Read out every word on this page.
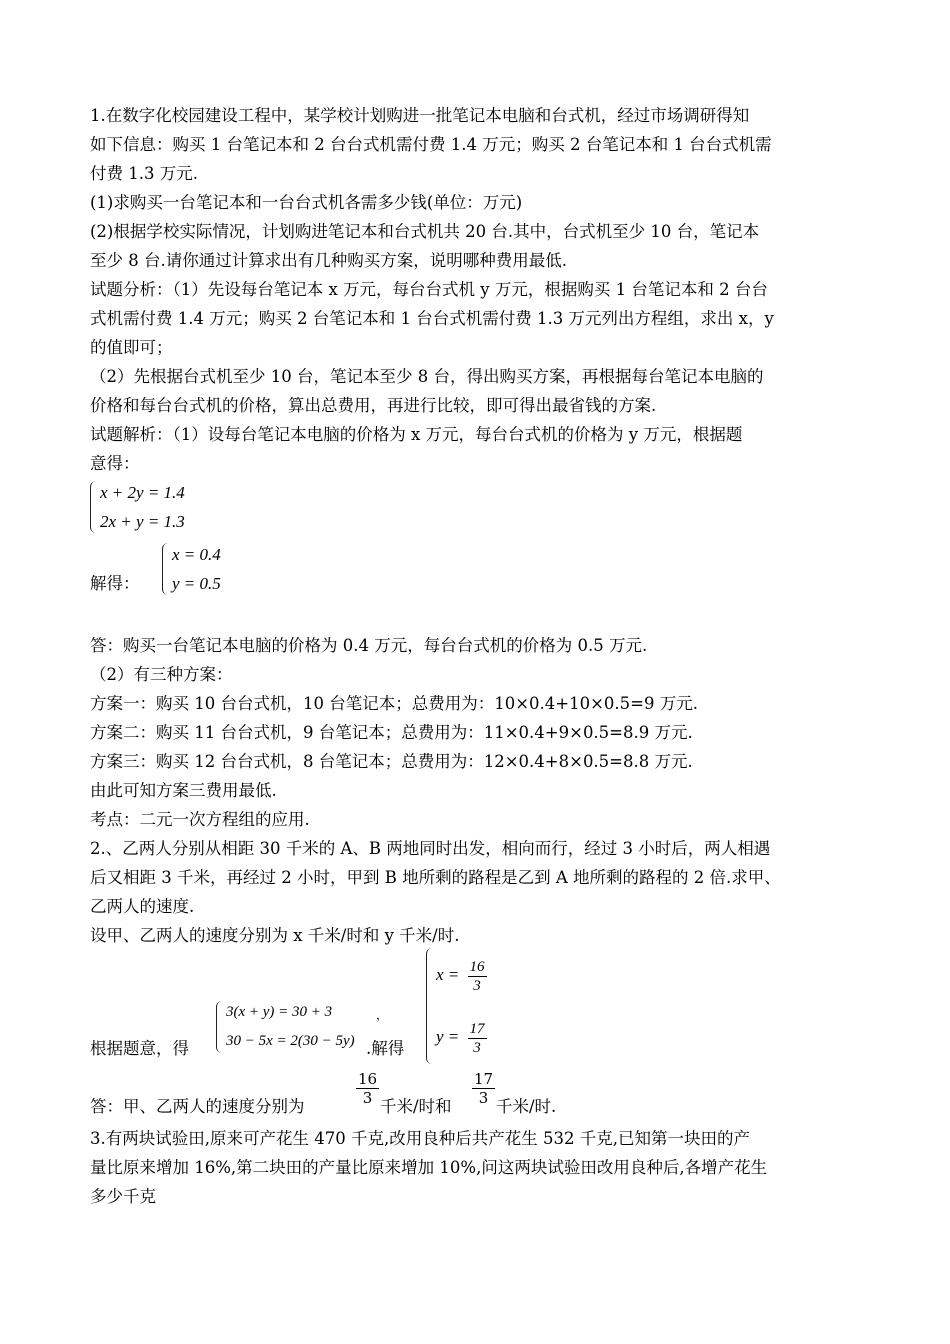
1.在数字化校园建设工程中，某学校计划购进一批笔记本电脑和台式机，经过市场调研得知
如下信息：购买 1 台笔记本和 2 台台式机需付费 1.4 万元；购买 2 台笔记本和 1 台台式机需
付费 1.3 万元.
(1)求购买一台笔记本和一台台式机各需多少钱(单位：万元)
(2)根据学校实际情况，计划购进笔记本和台式机共 20 台.其中，台式机至少 10 台，笔记本
至少 8 台.请你通过计算求出有几种购买方案，说明哪种费用最低.
试题分析：（1）先设每台笔记本 x 万元，每台台式机 y 万元，根据购买 1 台笔记本和 2 台台
式机需付费 1.4 万元；购买 2 台笔记本和 1 台台式机需付费 1.3 万元列出方程组，求出 x，y
的值即可；
（2）先根据台式机至少 10 台，笔记本至少 8 台，得出购买方案，再根据每台笔记本电脑的
价格和每台台式机的价格，算出总费用，再进行比较，即可得出最省钱的方案.
试题解析：（1）设每台笔记本电脑的价格为 x 万元，每台台式机的价格为 y 万元，根据题
意得：
x + 2y = 1.4
2x + y = 1.3
解得：
x = 0.4
y = 0.5
答：购买一台笔记本电脑的价格为 0.4 万元，每台台式机的价格为 0.5 万元.
（2）有三种方案：
方案一：购买 10 台台式机，10 台笔记本；总费用为：10×0.4+10×0.5=9 万元.
方案二：购买 11 台台式机，9 台笔记本；总费用为：11×0.4+9×0.5=8.9 万元.
方案三：购买 12 台台式机，8 台笔记本；总费用为：12×0.4+8×0.5=8.8 万元.
由此可知方案三费用最低.
考点：二元一次方程组的应用.
2.、乙两人分别从相距 30 千米的 A、B 两地同时出发，相向而行，经过 3 小时后，两人相遇
后又相距 3 千米，再经过 2 小时，甲到 B 地所剩的路程是乙到 A 地所剩的路程的 2 倍.求甲、
乙两人的速度.
设甲、乙两人的速度分别为 x 千米/时和 y 千米/时.
根据题意，得
3(x + y) = 30 + 3
30 − 5x = 2(30 − 5y)
，
.解得
$x = \frac{16}{3}$
$y = \frac{17}{3}$
答：甲、乙两人的速度分别为	$\frac{16}{3}$ 千米/时和 $\frac{17}{3}$ 千米/时.
3.有两块试验田,原来可产花生 470 千克,改用良种后共产花生 532 千克,已知第一块田的产
量比原来增加 16%,第二块田的产量比原来增加 10%,问这两块试验田改用良种后,各增产花生
多少千克
